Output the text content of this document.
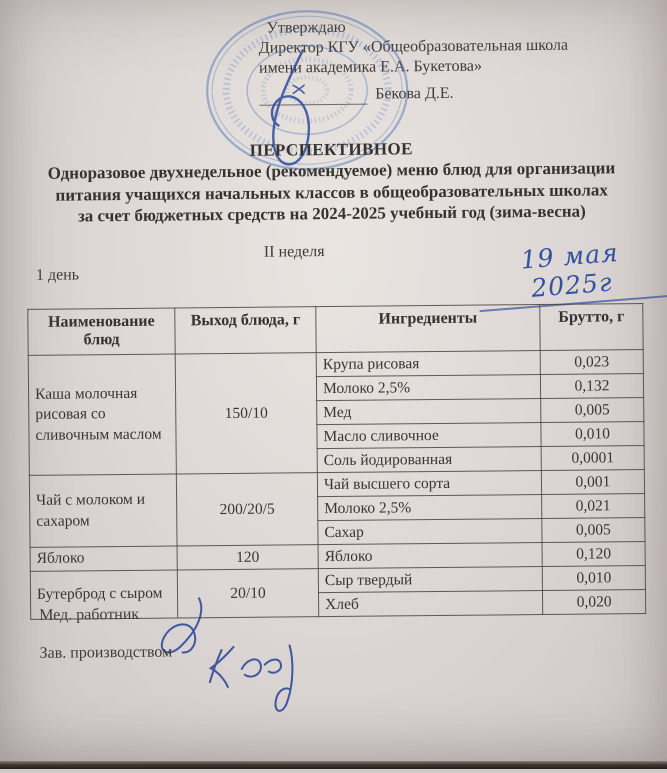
Утверждаю
Директор КГУ «Общеобразовательная школа
имени академика Е.А. Букетова»
Бекова Д.Е.
ПЕРСПЕКТИВНОЕ
Одноразовое двухнедельное (рекомендуемое) меню блюд для организации
питания учащихся начальных классов в общеобразовательных школах
за счет бюджетных средств на 2024-2025 учебный год (зима-весна)
II неделя
1 день
19 мая 2025г
Наименование блюд	Выход блюда, г	Ингредиенты	Брутто, г
Каша молочная рисовая со сливочным маслом	150/10	Крупа рисовая	0,023
		Молоко 2,5%	0,132
		Мед	0,005
		Масло сливочное	0,010
		Соль йодированная	0,0001
Чай с молоком и сахаром	200/20/5	Чай высшего сорта	0,001
		Молоко 2,5%	0,021
		Сахар	0,005
Яблоко	120	Яблоко	0,120
Бутерброд с сыром	20/10	Сыр твердый	0,010
		Хлеб	0,020
Мед. работник
Зав. производством
